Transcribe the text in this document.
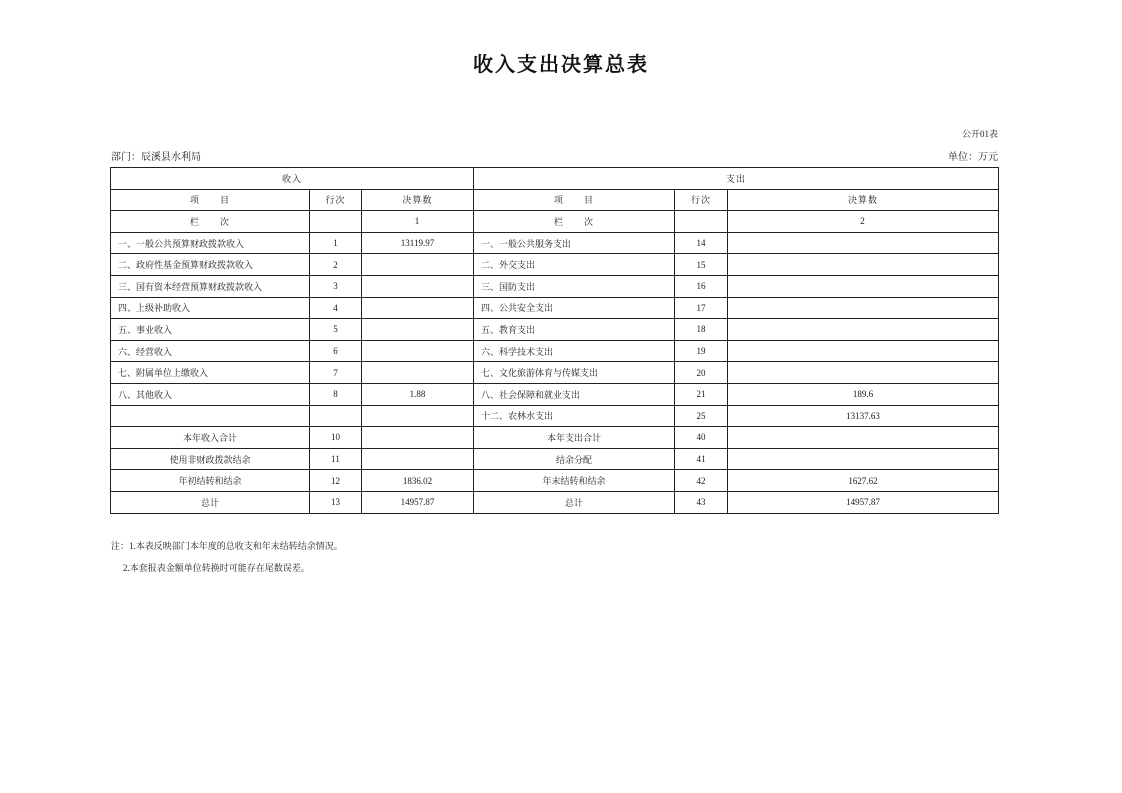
收入支出决算总表
公开01表
部门：辰溪县水利局	单位：万元
收入			支出		
项　　目	行次	决算数	项　　目	行次	决算数
栏　　次		1	栏　　次		2
一、一般公共预算财政拨款收入	1	13119.97	一、一般公共服务支出	14	
二、政府性基金预算财政拨款收入	2		二、外交支出	15	
三、国有资本经营预算财政拨款收入	3		三、国防支出	16	
四、上级补助收入	4		四、公共安全支出	17	
五、事业收入	5		五、教育支出	18	
六、经营收入	6		六、科学技术支出	19	
七、附属单位上缴收入	7		七、文化旅游体育与传媒支出	20	
八、其他收入	8	1.88	八、社会保障和就业支出	21	189.6
			十二、农林水支出	25	13137.63
本年收入合计	10		本年支出合计	40	
使用非财政拨款结余	11		结余分配	41	
年初结转和结余	12	1836.02	年末结转和结余	42	1627.62
总计	13	14957.87	总计	43	14957.87
注：1.本表反映部门本年度的总收支和年末结转结余情况。
2.本套报表金额单位转换时可能存在尾数误差。
